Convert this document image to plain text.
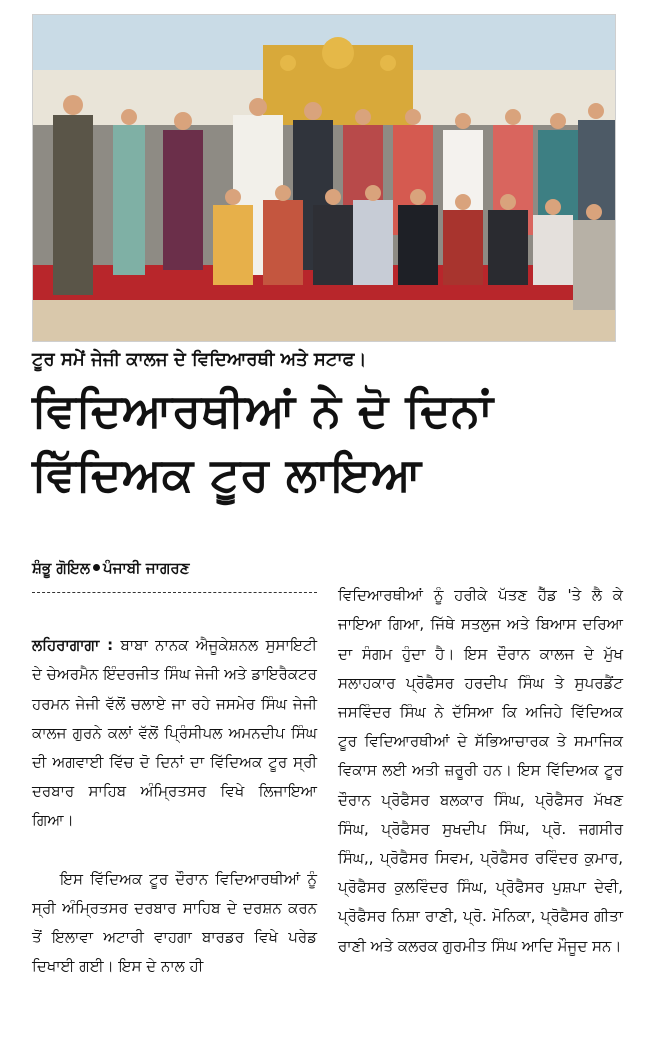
ਟੂਰ ਸਮੇਂ ਜੇਜੀ ਕਾਲਜ ਦੇ ਵਿਦਿਆਰਥੀ ਅਤੇ ਸਟਾਫ।
ਵਿਦਿਆਰਥੀਆਂ ਨੇ ਦੋ ਦਿਨਾਂ
ਵਿੱਦਿਅਕ ਟੂਰ ਲਾਇਆ
ਸ਼ੰਭੂ ਗੋਇਲ ਪੰਜਾਬੀ ਜਾਗਰਣ

ਲਹਿਰਾਗਾਗਾ : ਬਾਬਾ ਨਾਨਕ ਐਜੂਕੇਸ਼ਨਲ ਸੁਸਾਇਟੀ ਦੇ ਚੇਅਰਮੈਨ ਇੰਦਰਜੀਤ ਸਿੰਘ ਜੇਜੀ ਅਤੇ ਡਾਇਰੈਕਟਰ ਹਰਮਨ ਜੇਜੀ ਵੱਲੋਂ ਚਲਾਏ ਜਾ ਰਹੇ ਜਸਮੇਰ ਸਿੰਘ ਜੇਜੀ ਕਾਲਜ ਗੁਰਨੇ ਕਲਾਂ ਵੱਲੋਂ ਪ੍ਰਿੰਸੀਪਲ ਅਮਨਦੀਪ ਸਿੰਘ ਦੀ ਅਗਵਾਈ ਵਿੱਚ ਦੋ ਦਿਨਾਂ ਦਾ ਵਿੱਦਿਅਕ ਟੂਰ ਸ੍ਰੀ ਦਰਬਾਰ ਸਾਹਿਬ ਅੰਮ੍ਰਿਤਸਰ ਵਿਖੇ ਲਿਜਾਇਆ ਗਿਆ।

ਇਸ ਵਿੱਦਿਅਕ ਟੂਰ ਦੌਰਾਨ ਵਿਦਿਆਰਥੀਆਂ ਨੂੰ ਸ੍ਰੀ ਅੰਮ੍ਰਿਤਸਰ ਦਰਬਾਰ ਸਾਹਿਬ ਦੇ ਦਰਸ਼ਨ ਕਰਨ ਤੋਂ ਇਲਾਵਾ ਅਟਾਰੀ ਵਾਹਗਾ ਬਾਰਡਰ ਵਿਖੇ ਪਰੇਡ ਦਿਖਾਈ ਗਈ। ਇਸ ਦੇ ਨਾਲ ਹੀ

ਵਿਦਿਆਰਥੀਆਂ ਨੂੰ ਹਰੀਕੇ ਪੱਤਣ ਹੈੱਡ 'ਤੇ ਲੈ ਕੇ ਜਾਇਆ ਗਿਆ, ਜਿੱਥੇ ਸਤਲੁਜ ਅਤੇ ਬਿਆਸ ਦਰਿਆ ਦਾ ਸੰਗਮ ਹੁੰਦਾ ਹੈ। ਇਸ ਦੌਰਾਨ ਕਾਲਜ ਦੇ ਮੁੱਖ ਸਲਾਹਕਾਰ ਪ੍ਰੋਫੈਸਰ ਹਰਦੀਪ ਸਿੰਘ ਤੇ ਸੁਪਰਡੈਂਟ ਜਸਵਿੰਦਰ ਸਿੰਘ ਨੇ ਦੱਸਿਆ ਕਿ ਅਜਿਹੇ ਵਿੱਦਿਅਕ ਟੂਰ ਵਿਦਿਆਰਥੀਆਂ ਦੇ ਸੱਭਿਆਚਾਰਕ ਤੇ ਸਮਾਜਿਕ ਵਿਕਾਸ ਲਈ ਅਤੀ ਜ਼ਰੂਰੀ ਹਨ। ਇਸ ਵਿੱਦਿਅਕ ਟੂਰ ਦੌਰਾਨ ਪ੍ਰੋਫੈਸਰ ਬਲਕਾਰ ਸਿੰਘ, ਪ੍ਰੋਫੈਸਰ ਮੱਖਣ ਸਿੰਘ, ਪ੍ਰੋਫੈਸਰ ਸੁਖਦੀਪ ਸਿੰਘ, ਪ੍ਰੋ. ਜਗਸੀਰ ਸਿੰਘ,, ਪ੍ਰੋਫੈਸਰ ਸਿਵਮ, ਪ੍ਰੋਫੈਸਰ ਰਵਿੰਦਰ ਕੁਮਾਰ, ਪ੍ਰੋਫੈਸਰ ਕੁਲਵਿੰਦਰ ਸਿੰਘ, ਪ੍ਰੋਫੈਸਰ ਪੁਸ਼ਪਾ ਦੇਵੀ, ਪ੍ਰੋਫੈਸਰ ਨਿਸ਼ਾ ਰਾਣੀ, ਪ੍ਰੋ. ਮੋਨਿਕਾ, ਪ੍ਰੋਫੈਸਰ ਗੀਤਾ ਰਾਣੀ ਅਤੇ ਕਲਰਕ ਗੁਰਮੀਤ ਸਿੰਘ ਆਦਿ ਮੌਜੂਦ ਸਨ।
